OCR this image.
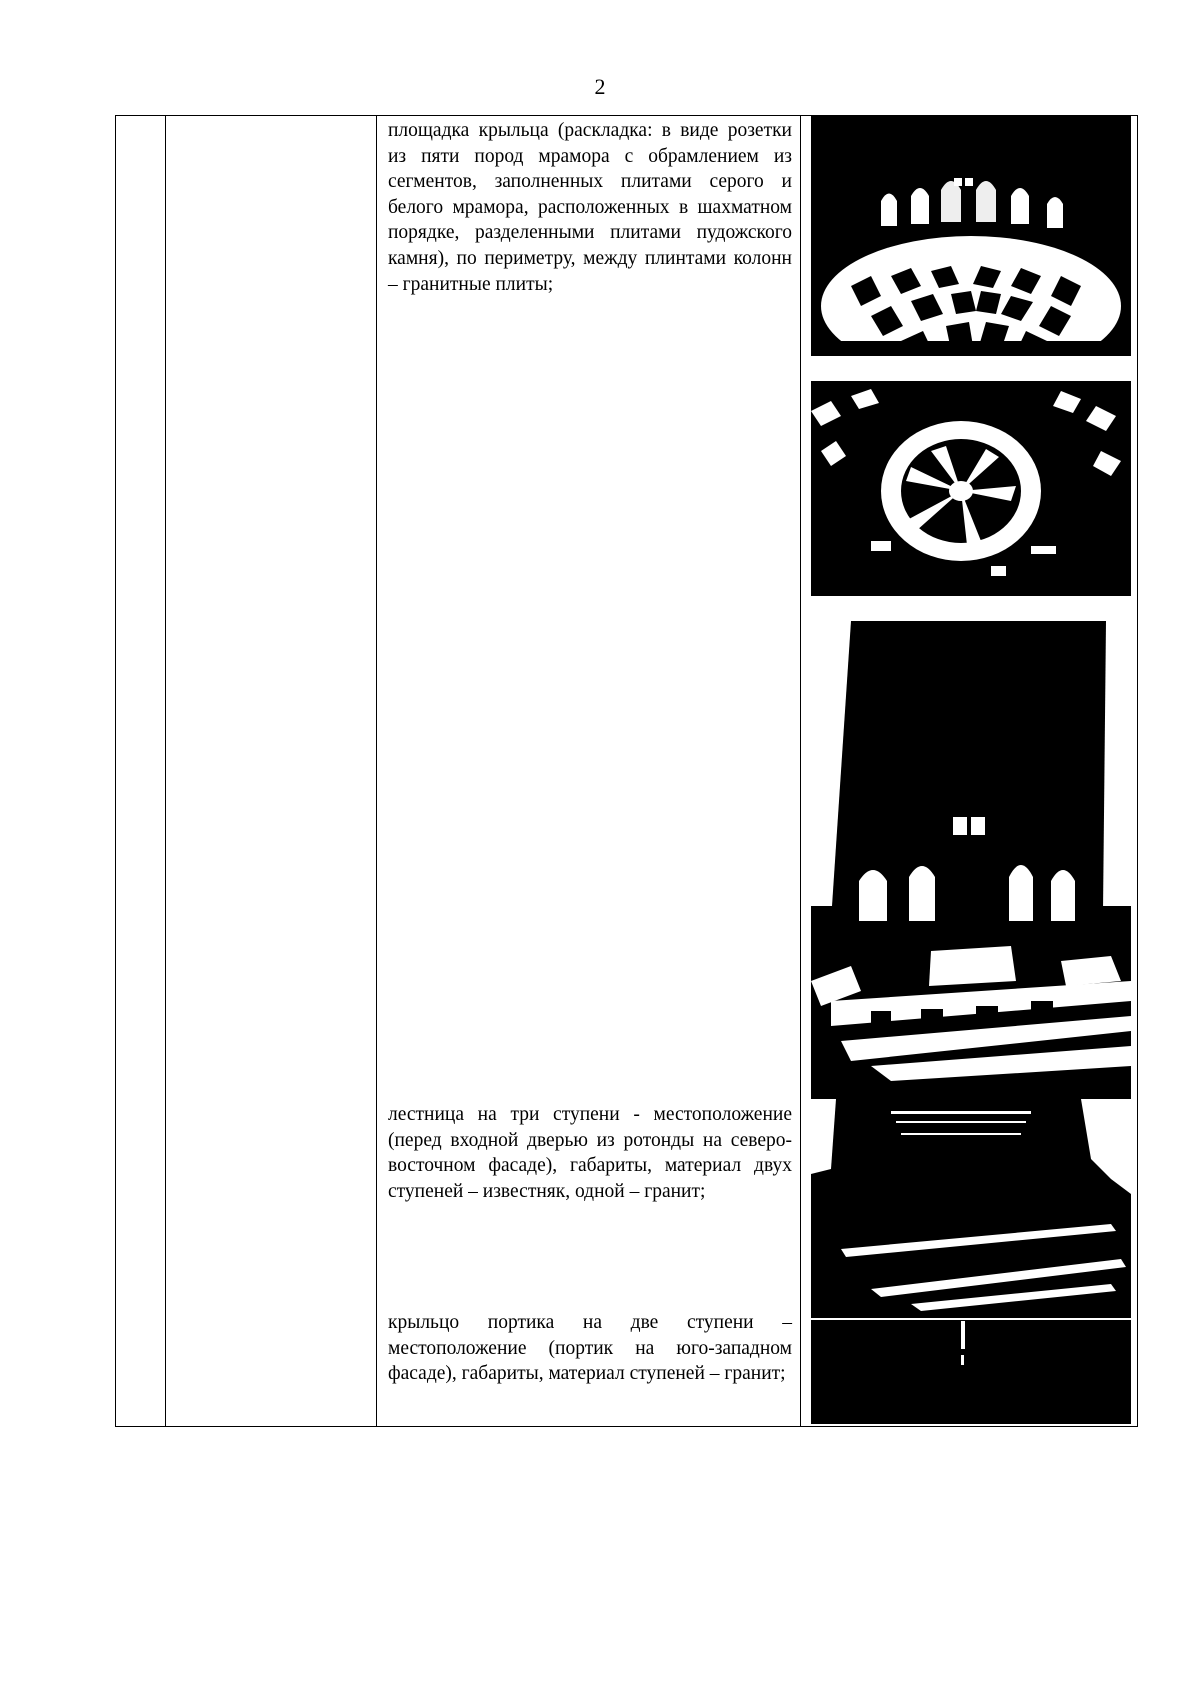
2
площадка крыльца (раскладка: в виде розетки из пяти пород мрамора с обрамлением из сегментов, заполненных плитами серого и белого мрамора, расположенных в шахматном порядке, разделенными плитами пудожского камня), по периметру, между плинтами колонн – гранитные плиты;
лестница на три ступени - местоположение (перед входной дверью из ротонды на северо-восточном фасаде), габариты, материал двух ступеней – известняк, одной – гранит;
крыльцо портика на две ступени – местоположение (портик на юго-западном фасаде), габариты, материал ступеней – гранит;
